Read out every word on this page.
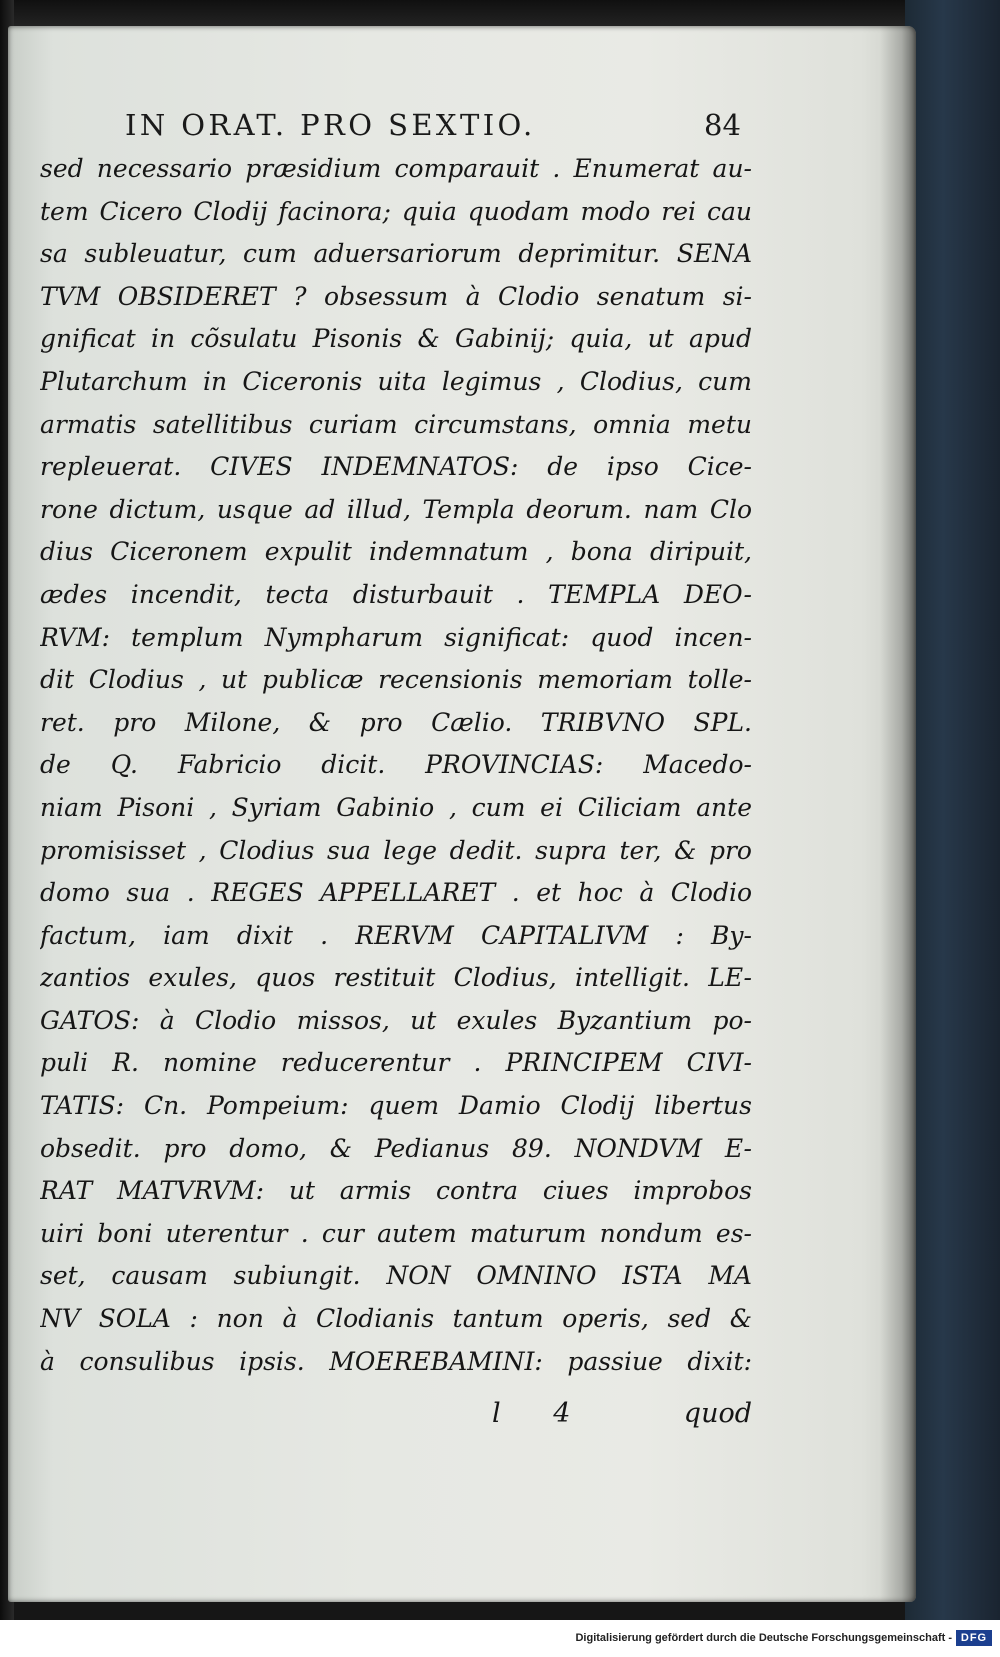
IN ORAT. PRO SEXTIO.	84
sed necessario præsidium comparauit . Enumerat au-
tem Cicero Clodij facinora; quia quodam modo rei cau
sa subleuatur, cum aduersariorum deprimitur. SENA
TVM OBSIDERET ? obsessum à Clodio senatum si-
gnificat in cõsulatu Pisonis & Gabinij; quia, ut apud
Plutarchum in Ciceronis uita legimus , Clodius, cum
armatis satellitibus curiam circumstans, omnia metu
repleuerat. CIVES INDEMNATOS: de ipso Cice-
rone dictum, usque ad illud, Templa deorum. nam Clo
dius Ciceronem expulit indemnatum , bona diripuit,
ædes incendit, tecta disturbauit . TEMPLA DEO-
RVM: templum Nympharum significat: quod incen-
dit Clodius , ut publicæ recensionis memoriam tolle-
ret. pro Milone, & pro Cælio. TRIBVNO SPL.
de Q. Fabricio dicit. PROVINCIAS: Macedo-
niam Pisoni , Syriam Gabinio , cum ei Ciliciam ante
promisisset , Clodius sua lege dedit. supra ter, & pro
domo sua . REGES APPELLARET . et hoc à Clodio
factum, iam dixit . RERVM CAPITALIVM : By-
zantios exules, quos restituit Clodius, intelligit. LE-
GATOS: à Clodio missos, ut exules Byzantium po-
puli R. nomine reducerentur . PRINCIPEM CIVI-
TATIS: Cn. Pompeium: quem Damio Clodij libertus
obsedit. pro domo, & Pedianus 89. NONDVM E-
RAT MATVRVM: ut armis contra ciues improbos
uiri boni uterentur . cur autem maturum nondum es-
set, causam subiungit. NON OMNINO ISTA MA
NV SOLA : non à Clodianis tantum operis, sed &
à consulibus ipsis. MOEREBAMINI: passiue dixit:
l 4	quod
Digitalisierung gefördert durch die Deutsche Forschungsgemeinschaft - DFG
